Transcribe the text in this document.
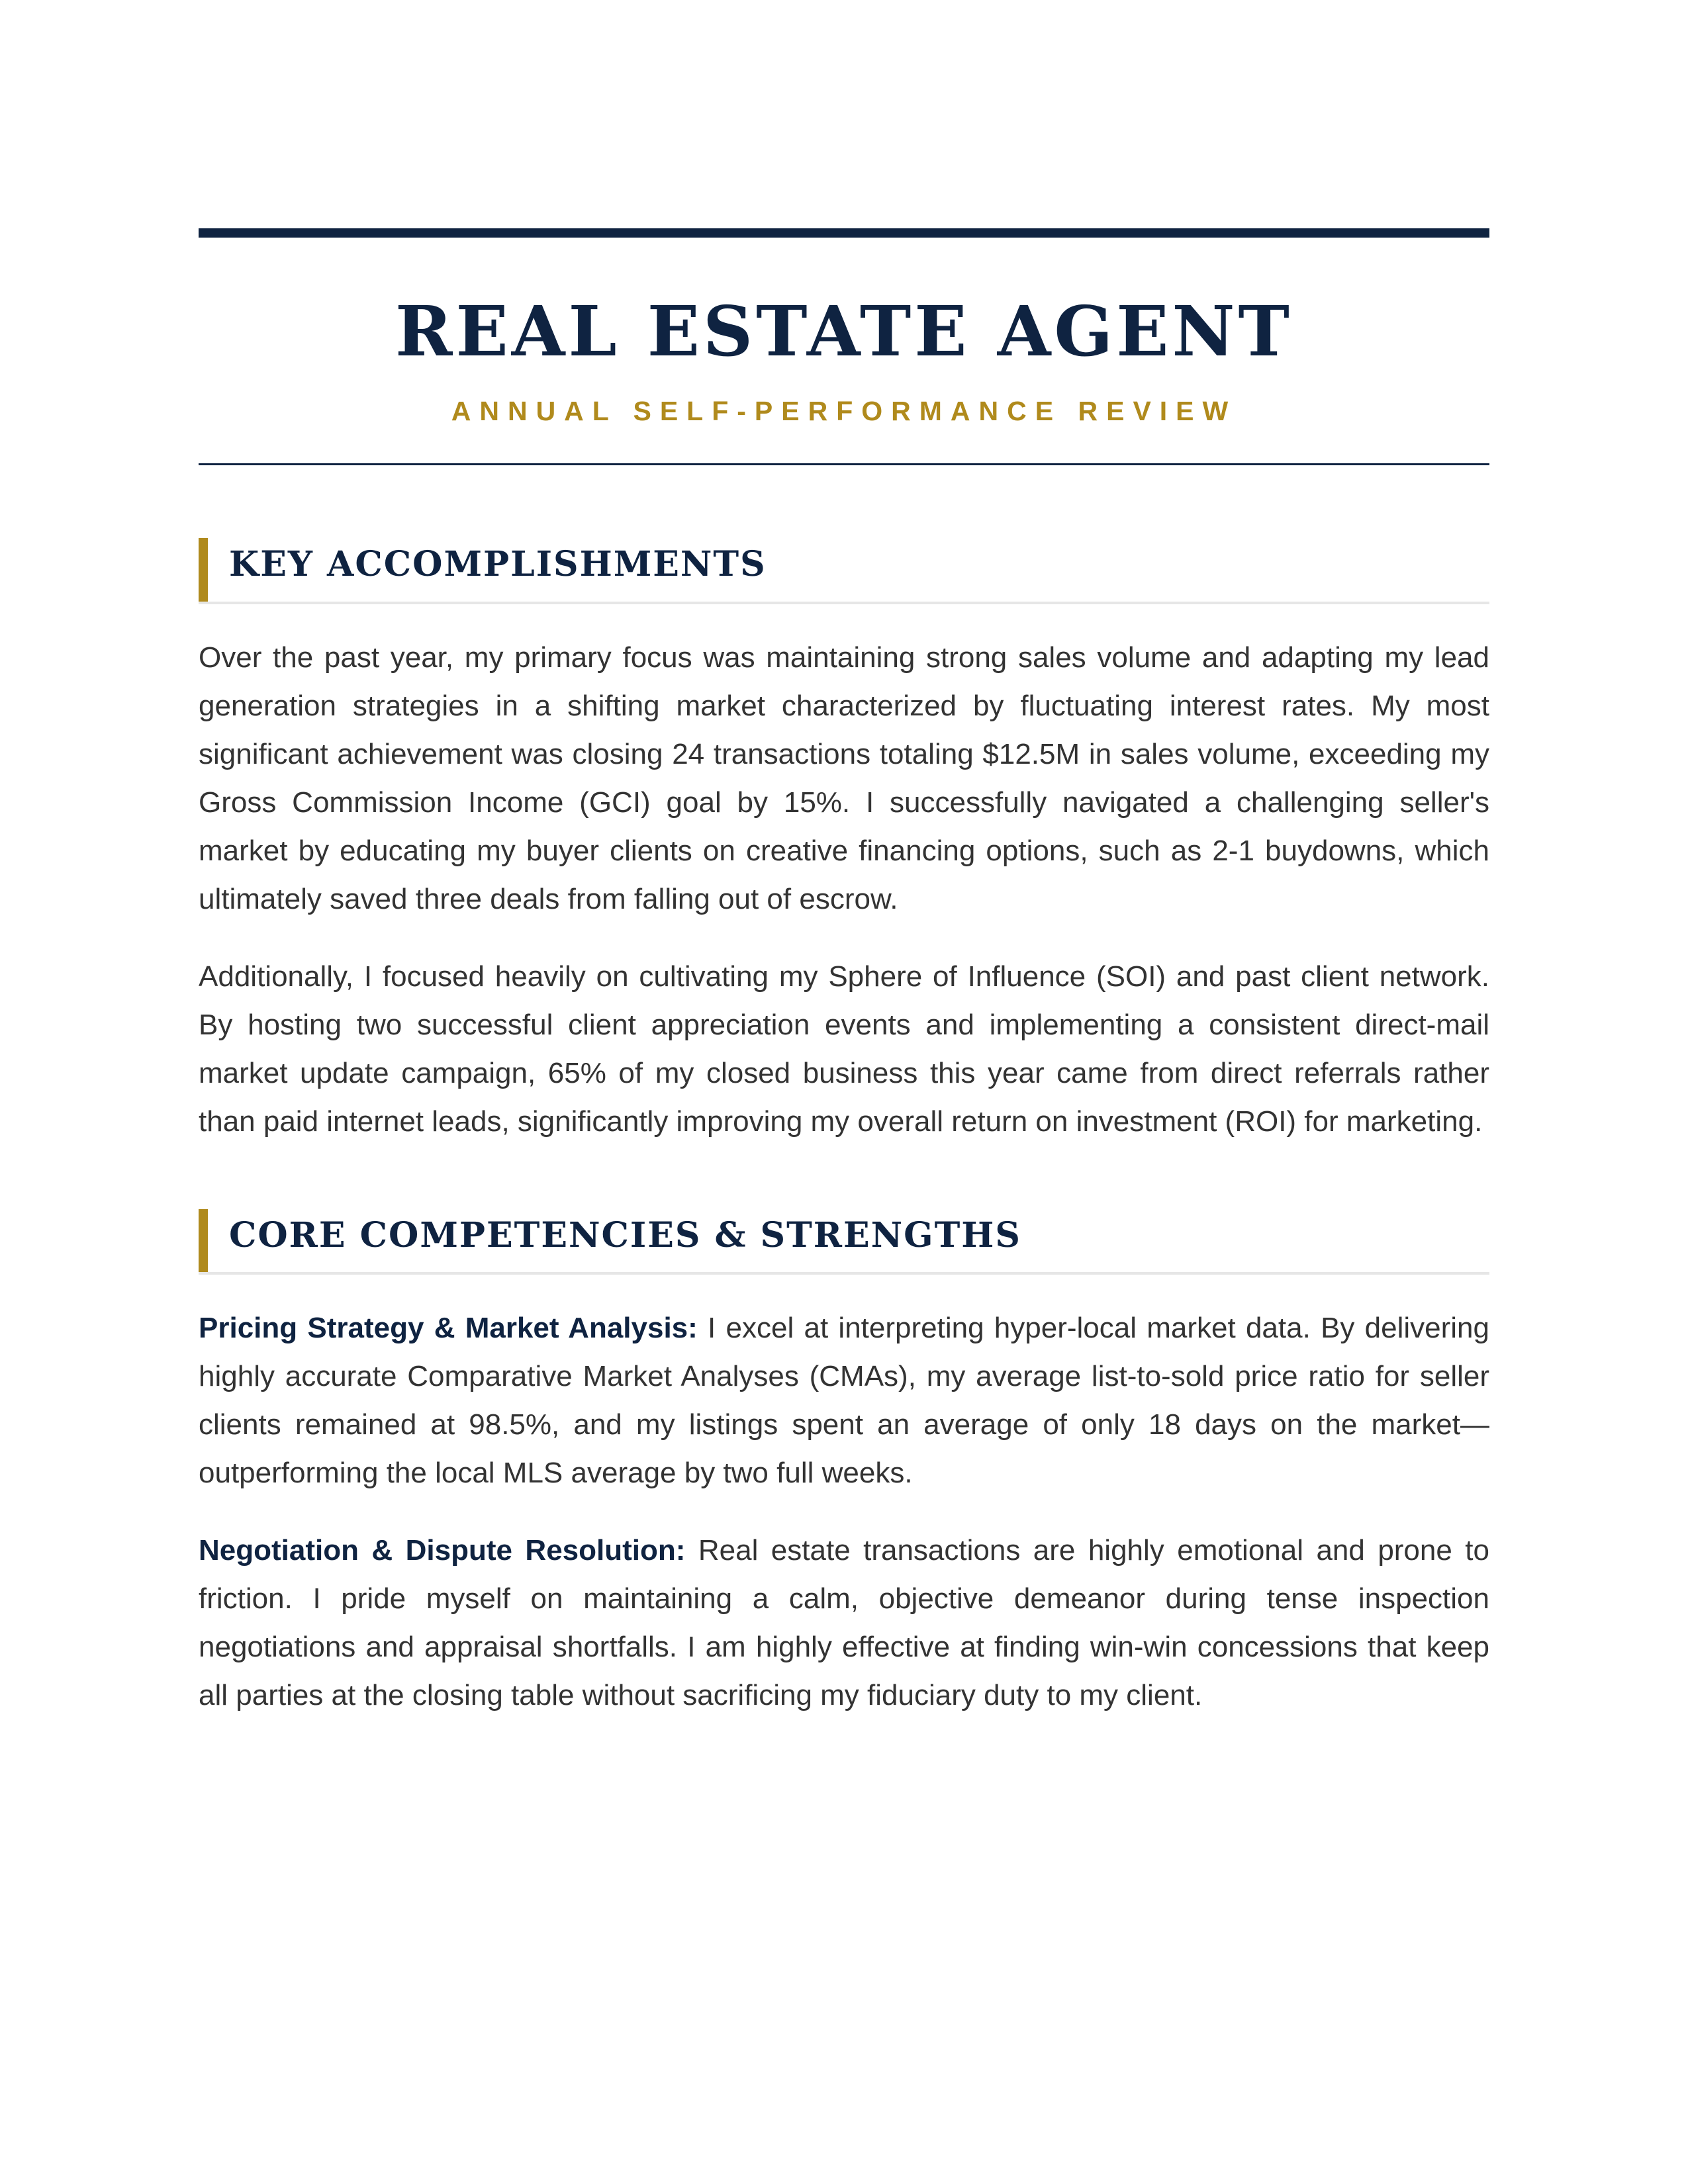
REAL ESTATE AGENT
ANNUAL SELF-PERFORMANCE REVIEW
KEY ACCOMPLISHMENTS

Over the past year, my primary focus was maintaining strong sales volume and adapting my lead generation strategies in a shifting market characterized by fluctuating interest rates. My most significant achievement was closing 24 transactions totaling $12.5M in sales volume, exceeding my Gross Commission Income (GCI) goal by 15%. I successfully navigated a challenging seller's market by educating my buyer clients on creative financing options, such as 2-1 buydowns, which ultimately saved three deals from falling out of escrow.

Additionally, I focused heavily on cultivating my Sphere of Influence (SOI) and past client network. By hosting two successful client appreciation events and implementing a consistent direct-mail market update campaign, 65% of my closed business this year came from direct referrals rather than paid internet leads, significantly improving my overall return on investment (ROI) for marketing.

CORE COMPETENCIES & STRENGTHS

Pricing Strategy & Market Analysis: I excel at interpreting hyper-local market data. By delivering highly accurate Comparative Market Analyses (CMAs), my average list-to-sold price ratio for seller clients remained at 98.5%, and my listings spent an average of only 18 days on the market—outperforming the local MLS average by two full weeks.

Negotiation & Dispute Resolution: Real estate transactions are highly emotional and prone to friction. I pride myself on maintaining a calm, objective demeanor during tense inspection negotiations and appraisal shortfalls. I am highly effective at finding win-win concessions that keep all parties at the closing table without sacrificing my fiduciary duty to my client.
